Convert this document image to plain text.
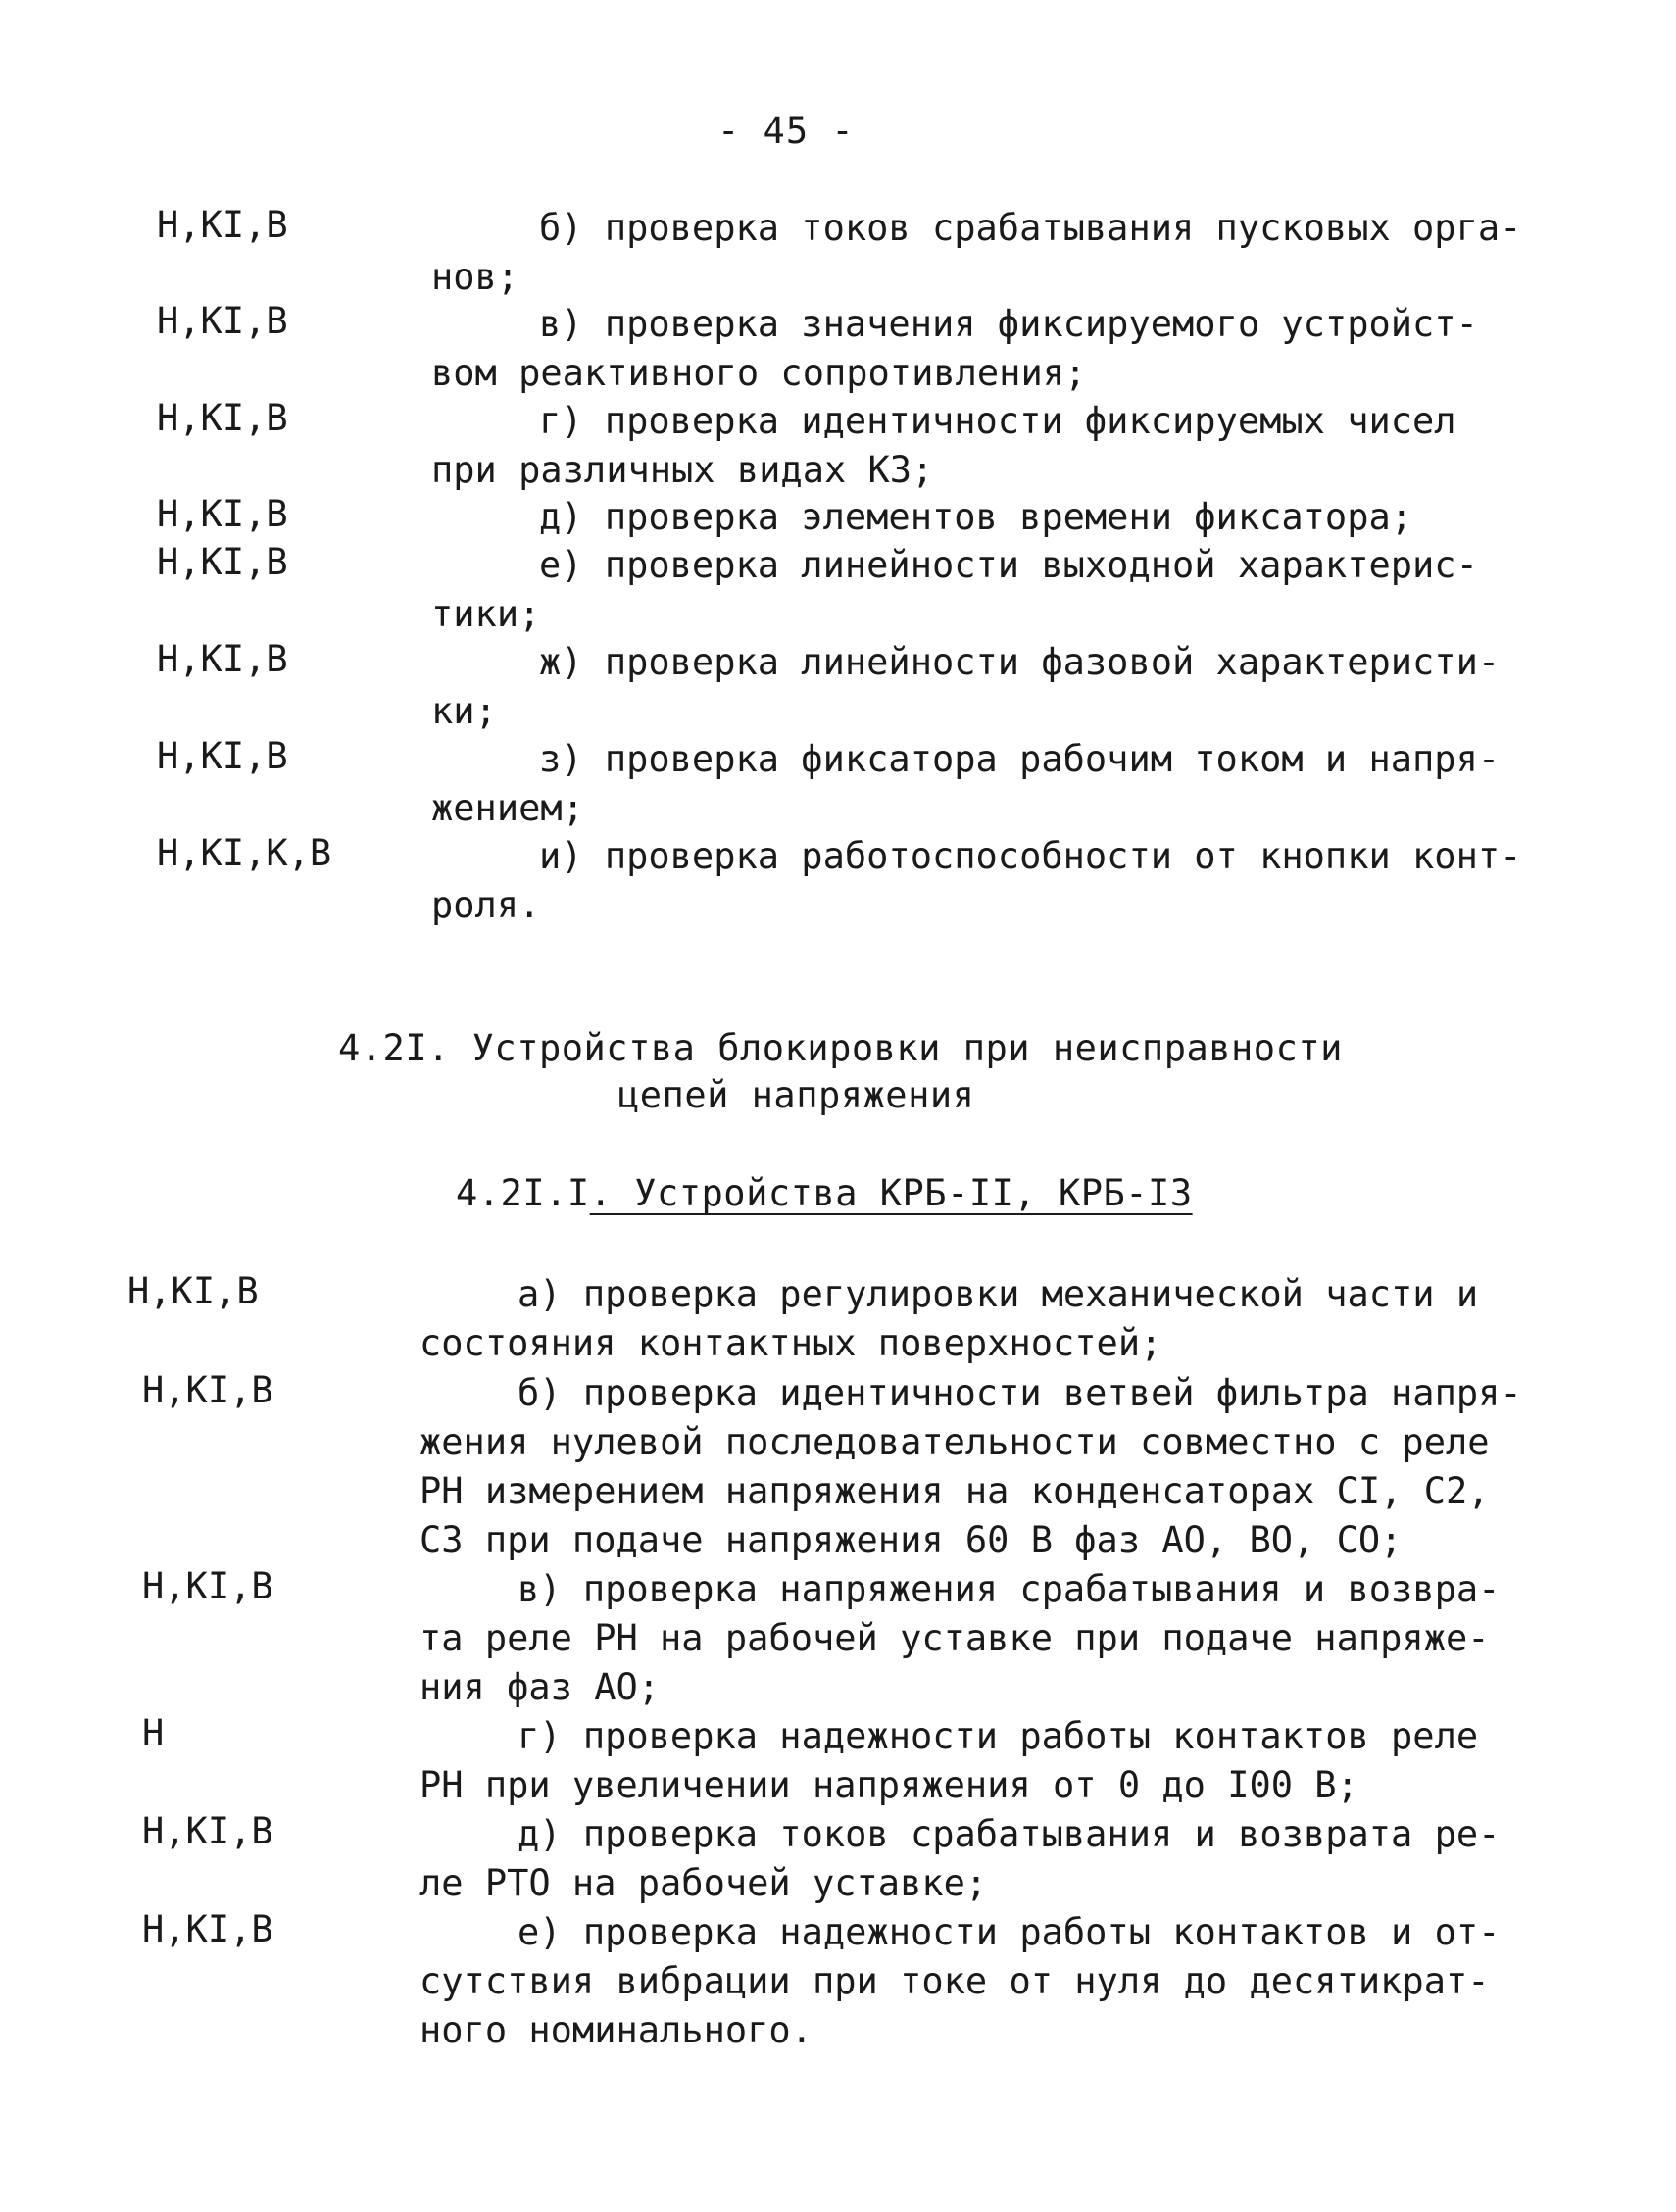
- 45 -
Н,КI,В	б) проверка токов срабатывания пусковых орга-
нов;
Н,КI,В	в) проверка значения фиксируемого устройст-
вом реактивного сопротивления;
Н,КI,В	г) проверка идентичности фиксируемых чисел
при различных видах КЗ;
Н,КI,В	д) проверка элементов времени фиксатора;
Н,КI,В	е) проверка линейности выходной характерис-
тики;
Н,КI,В	ж) проверка линейности фазовой характеристи-
ки;
Н,КI,В	з) проверка фиксатора рабочим током и напря-
жением;
Н,КI,К,В	и) проверка работоспособности от кнопки конт-
роля.
4.2I. Устройства блокировки при неисправности
цепей напряжения
4.2I.I. Устройства КРБ-II, КРБ-I3
Н,КI,В	а) проверка регулировки механической части и
состояния контактных поверхностей;
Н,КI,В	б) проверка идентичности ветвей фильтра напря-
жения нулевой последовательности совместно с реле
РН измерением напряжения на конденсаторах СI, С2,
С3 при подаче напряжения 60 В фаз АО, ВО, СО;
Н,КI,В	в) проверка напряжения срабатывания и возвра-
та реле РН на рабочей уставке при подаче напряже-
ния фаз АО;
Н	г) проверка надежности работы контактов реле
РН при увеличении напряжения от 0 до I00 В;
Н,КI,В	д) проверка токов срабатывания и возврата ре-
ле РТО на рабочей уставке;
Н,КI,В	е) проверка надежности работы контактов и от-
сутствия вибрации при токе от нуля до десятикрат-
ного номинального.
